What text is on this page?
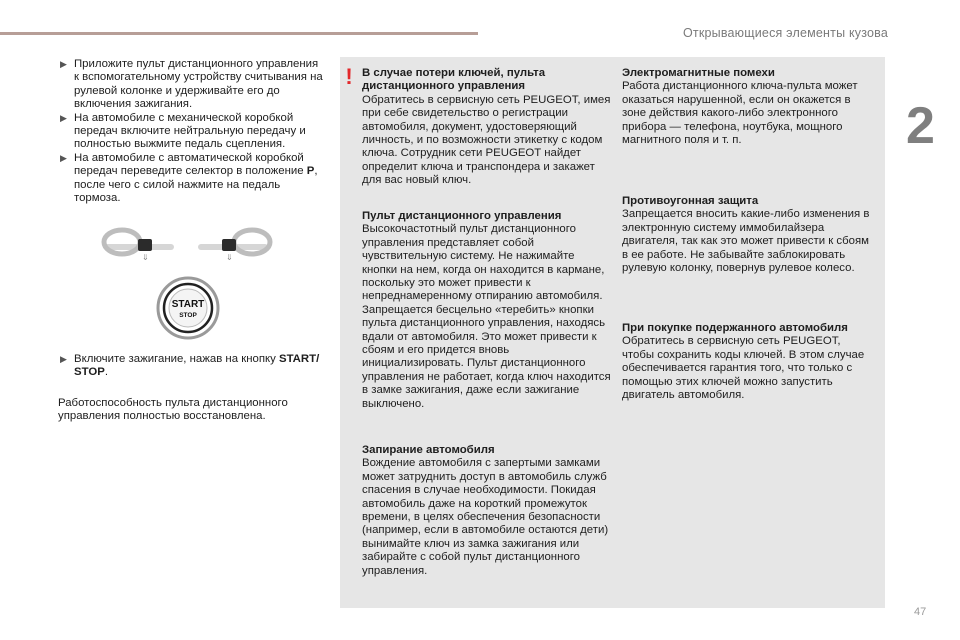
Открывающиеся элементы кузова
2
47

▶ Приложите пульт дистанционного управления к вспомогательному устройству считывания на рулевой колонке и удерживайте его до включения зажигания.

▶ На автомобиле с механической коробкой передач включите нейтральную передачу и полностью выжмите педаль сцепления.

▶ На автомобиле с автоматической коробкой передач переведите селектор в положение P, после чего с силой нажмите на педаль тормоза.

⇓	⇓
START
STOP

▶ Включите зажигание, нажав на кнопку START/ STOP.

Работоспособность пульта дистанционного управления полностью восстановлена.

! В случае потери ключей, пульта дистанционного управления

Обратитесь в сервисную сеть PEUGEOT, имея при себе свидетельство о регистрации автомобиля, документ, удостоверяющий личность, и по возможности этикетку с кодом ключа. Сотрудник сети PEUGEOT найдет определит ключа и транспондера и закажет для вас новый ключ.

Пульт дистанционного управления

Высокочастотный пульт дистанционного управления представляет собой чувствительную систему. Не нажимайте кнопки на нем, когда он находится в кармане, поскольку это может привести к непреднамеренному отпиранию автомобиля. Запрещается бесцельно «теребить» кнопки пульта дистанционного управления, находясь вдали от автомобиля. Это может привести к сбоям и его придется вновь инициализировать. Пульт дистанционного управления не работает, когда ключ находится в замке зажигания, даже если зажигание выключено.

Запирание автомобиля

Вождение автомобиля с запертыми замками может затруднить доступ в автомобиль служб спасения в случае необходимости. Покидая автомобиль даже на короткий промежуток времени, в целях обеспечения безопасности (например, если в автомобиле остаются дети) вынимайте ключ из замка зажигания или забирайте с собой пульт дистанционного управления.

Электромагнитные помехи

Работа дистанционного ключа-пульта может оказаться нарушенной, если он окажется в зоне действия какого-либо электронного прибора — телефона, ноутбука, мощного магнитного поля и т. п.

Противоугонная защита

Запрещается вносить какие-либо изменения в электронную систему иммобилайзера двигателя, так как это может привести к сбоям в ее работе. Не забывайте заблокировать рулевую колонку, повернув рулевое колесо.

При покупке подержанного автомобиля

Обратитесь в сервисную сеть PEUGEOT, чтобы сохранить коды ключей. В этом случае обеспечивается гарантия того, что только с помощью этих ключей можно запустить двигатель автомобиля.
